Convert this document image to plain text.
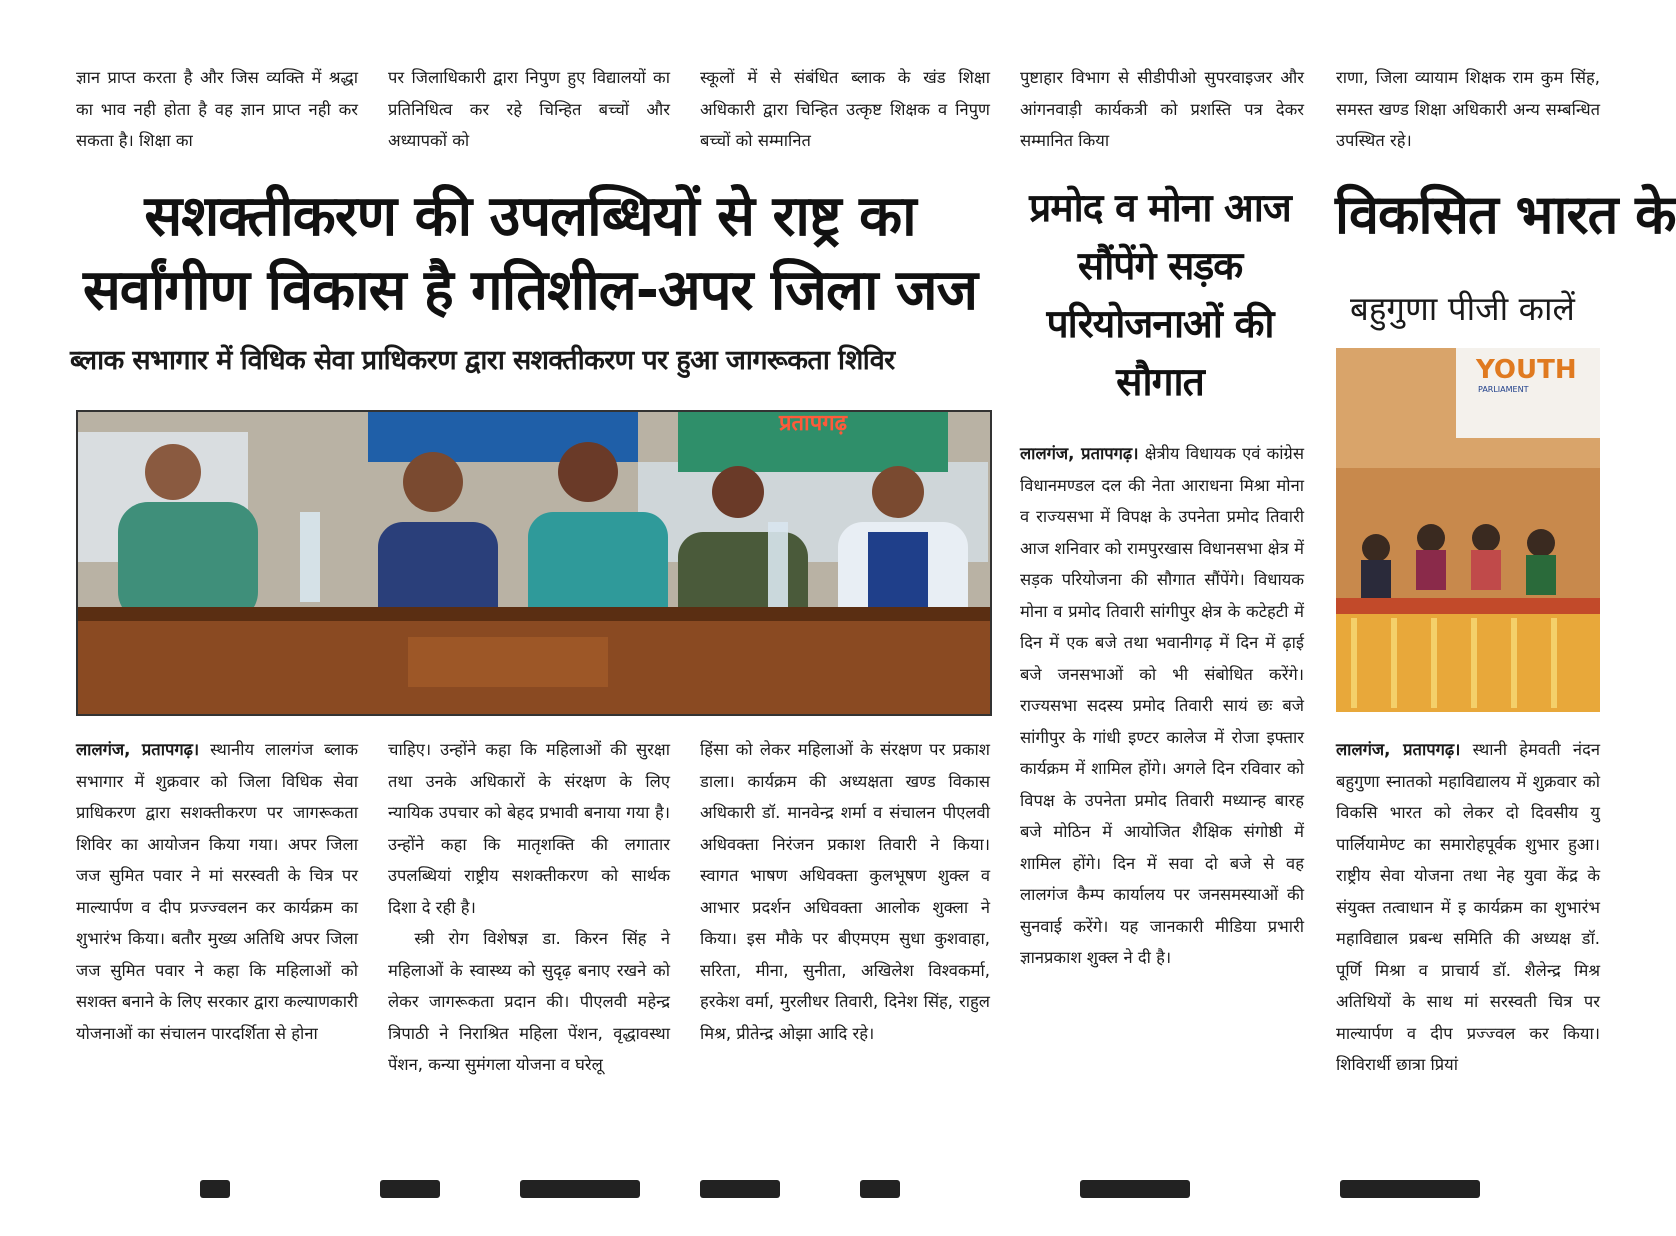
ज्ञान प्राप्त करता है और जिस व्यक्ति में श्रद्धा का भाव नही होता है वह ज्ञान प्राप्त नही कर सकता है। शिक्षा का

पर जिलाधिकारी द्वारा निपुण हुए विद्यालयों का प्रतिनिधित्व कर रहे चिन्हित बच्चों और अध्यापकों को

स्कूलों में से संबंधित ब्लाक के खंड शिक्षा अधिकारी द्वारा चिन्हित उत्कृष्ट शिक्षक व निपुण बच्चों को सम्मानित

पुष्टाहार विभाग से सीडीपीओ सुपरवाइजर और आंगनवाड़ी कार्यकत्री को प्रशस्ति पत्र देकर सम्मानित किया

राणा, जिला व्यायाम शिक्षक राम कुम सिंह, समस्त खण्ड शिक्षा अधिकारी अन्य सम्बन्धित उपस्थित रहे।

सशक्तीकरण की उपलब्धियों से राष्ट्र का सर्वांगीण विकास है गतिशील-अपर जिला जज
ब्लाक सभागार में विधिक सेवा प्राधिकरण द्वारा सशक्तीकरण पर हुआ जागरूकता शिविर
प्रतापगढ़

लालगंज, प्रतापगढ़। स्थानीय लालगंज ब्लाक सभागार में शुक्रवार को जिला विधिक सेवा प्राधिकरण द्वारा सशक्तीकरण पर जागरूकता शिविर का आयोजन किया गया। अपर जिला जज सुमित पवार ने मां सरस्वती के चित्र पर माल्यार्पण व दीप प्रज्ज्वलन कर कार्यक्रम का शुभारंभ किया। बतौर मुख्य अतिथि अपर जिला जज सुमित पवार ने कहा कि महिलाओं को सशक्त बनाने के लिए सरकार द्वारा कल्याणकारी योजनाओं का संचालन पारदर्शिता से होना

चाहिए। उन्होंने कहा कि महिलाओं की सुरक्षा तथा उनके अधिकारों के संरक्षण के लिए न्यायिक उपचार को बेहद प्रभावी बनाया गया है। उन्होंने कहा कि मातृशक्ति की लगातार उपलब्धियां राष्ट्रीय सशक्तीकरण को सार्थक दिशा दे रही है।

स्त्री रोग विशेषज्ञ डा. किरन सिंह ने महिलाओं के स्वास्थ्य को सुदृढ़ बनाए रखने को लेकर जागरूकता प्रदान की। पीएलवी महेन्द्र त्रिपाठी ने निराश्रित महिला पेंशन, वृद्धावस्था पेंशन, कन्या सुमंगला योजना व घरेलू

हिंसा को लेकर महिलाओं के संरक्षण पर प्रकाश डाला। कार्यक्रम की अध्यक्षता खण्ड विकास अधिकारी डॉ. मानवेन्द्र शर्मा व संचालन पीएलवी अधिवक्ता निरंजन प्रकाश तिवारी ने किया। स्वागत भाषण अधिवक्ता कुलभूषण शुक्ल व आभार प्रदर्शन अधिवक्ता आलोक शुक्ला ने किया। इस मौके पर बीएमएम सुधा कुशवाहा, सरिता, मीना, सुनीता, अखिलेश विश्वकर्मा, हरकेश वर्मा, मुरलीधर तिवारी, दिनेश सिंह, राहुल मिश्र, प्रीतेन्द्र ओझा आदि रहे।

प्रमोद व मोना आज सौंपेंगे सड़क परियोजनाओं की सौगात

लालगंज, प्रतापगढ़। क्षेत्रीय विधायक एवं कांग्रेस विधानमण्डल दल की नेता आराधना मिश्रा मोना व राज्यसभा में विपक्ष के उपनेता प्रमोद तिवारी आज शनिवार को रामपुरखास विधानसभा क्षेत्र में सड़क परियोजना की सौगात सौंपेंगे। विधायक मोना व प्रमोद तिवारी सांगीपुर क्षेत्र के कटेहटी में दिन में एक बजे तथा भवानीगढ़ में दिन में ढ़ाई बजे जनसभाओं को भी संबोधित करेंगे। राज्यसभा सदस्य प्रमोद तिवारी सायं छः बजे सांगीपुर के गांधी इण्टर कालेज में रोजा इफ्तार कार्यक्रम में शामिल होंगे। अगले दिन रविवार को विपक्ष के उपनेता प्रमोद तिवारी मध्यान्ह बारह बजे मोठिन में आयोजित शैक्षिक संगोष्ठी में शामिल होंगे। दिन में सवा दो बजे से वह लालगंज कैम्प कार्यालय पर जनसमस्याओं की सुनवाई करेंगे। यह जानकारी मीडिया प्रभारी ज्ञानप्रकाश शुक्ल ने दी है।

विकसित भारत के
बहुगुणा पीजी कालें
YOUTH
PARLIAMENT

लालगंज, प्रतापगढ़। स्थानी हेमवती नंदन बहुगुणा स्नातको महाविद्यालय में शुक्रवार को विकसि भारत को लेकर दो दिवसीय यु पार्लियामेण्ट का समारोहपूर्वक शुभार हुआ। राष्ट्रीय सेवा योजना तथा नेह युवा केंद्र के संयुक्त तत्वाधान में इ कार्यक्रम का शुभारंभ महाविद्याल प्रबन्ध समिति की अध्यक्ष डॉ. पूर्णि मिश्रा व प्राचार्य डॉ. शैलेन्द्र मिश्र अतिथियों के साथ मां सरस्वती चित्र पर माल्यार्पण व दीप प्रज्ज्वल कर किया। शिविरार्थी छात्रा प्रियां
